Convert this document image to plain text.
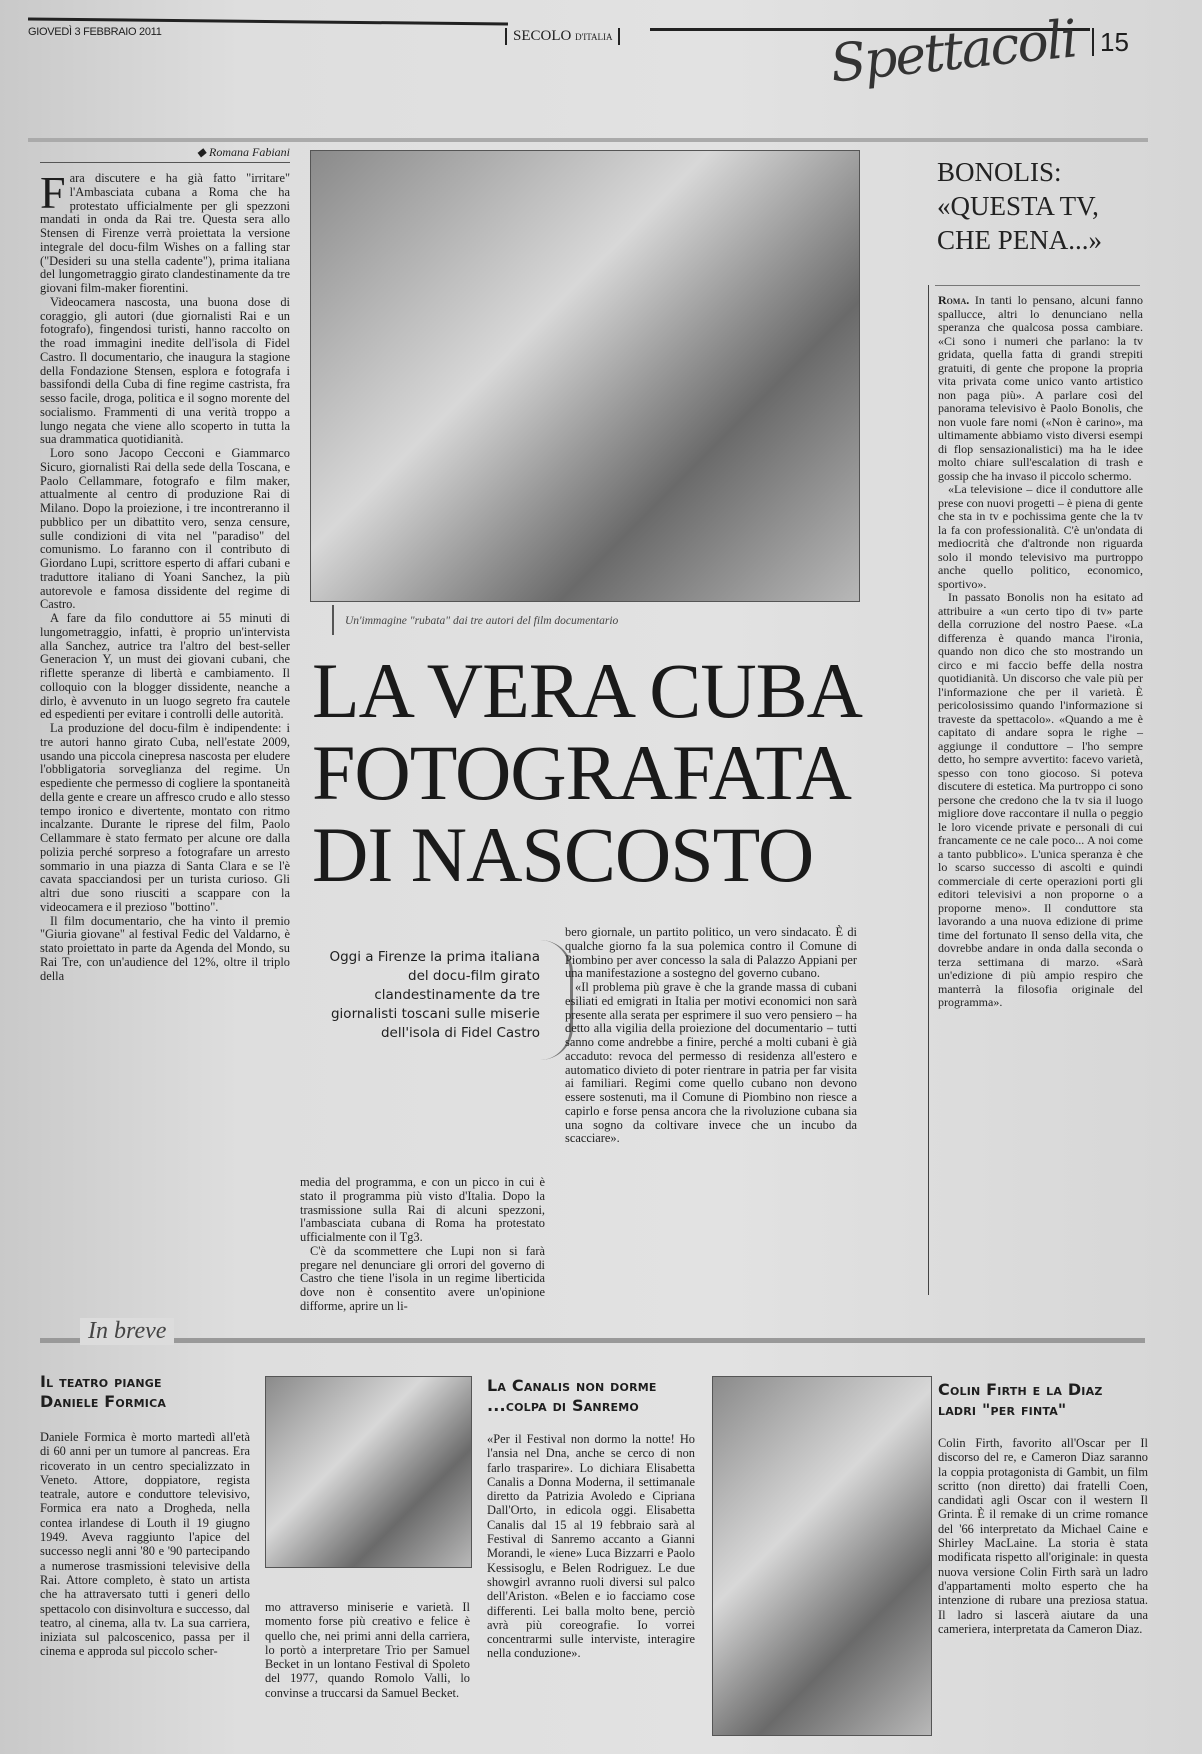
GIOVEDÌ 3 FEBBRAIO 2011	SECOLO D'ITALIA	Spettacoli 15
◆ Romana Fabiani

Fara discutere e ha già fatto "irritare" l'Ambasciata cubana a Roma che ha protestato ufficialmente per gli spezzoni mandati in onda da Rai tre. Questa sera allo Stensen di Firenze verrà proiettata la versione integrale del docu-film Wishes on a falling star ("Desideri su una stella cadente"), prima italiana del lungometraggio girato clandestinamente da tre giovani film-maker fiorentini.

Videocamera nascosta, una buona dose di coraggio, gli autori (due giornalisti Rai e un fotografo), fingendosi turisti, hanno raccolto on the road immagini inedite dell'isola di Fidel Castro. Il documentario, che inaugura la stagione della Fondazione Stensen, esplora e fotografa i bassifondi della Cuba di fine regime castrista, fra sesso facile, droga, politica e il sogno morente del socialismo. Frammenti di una verità troppo a lungo negata che viene allo scoperto in tutta la sua drammatica quotidianità.

Loro sono Jacopo Cecconi e Giammarco Sicuro, giornalisti Rai della sede della Toscana, e Paolo Cellammare, fotografo e film maker, attualmente al centro di produzione Rai di Milano. Dopo la proiezione, i tre incontreranno il pubblico per un dibattito vero, senza censure, sulle condizioni di vita nel "paradiso" del comunismo. Lo faranno con il contributo di Giordano Lupi, scrittore esperto di affari cubani e traduttore italiano di Yoani Sanchez, la più autorevole e famosa dissidente del regime di Castro.

A fare da filo conduttore ai 55 minuti di lungometraggio, infatti, è proprio un'intervista alla Sanchez, autrice tra l'altro del best-seller Generacion Y, un must dei giovani cubani, che riflette speranze di libertà e cambiamento. Il colloquio con la blogger dissidente, neanche a dirlo, è avvenuto in un luogo segreto fra cautele ed espedienti per evitare i controlli delle autorità.

La produzione del docu-film è indipendente: i tre autori hanno girato Cuba, nell'estate 2009, usando una piccola cinepresa nascosta per eludere l'obbligatoria sorveglianza del regime. Un espediente che permesso di cogliere la spontaneità della gente e creare un affresco crudo e allo stesso tempo ironico e divertente, montato con ritmo incalzante. Durante le riprese del film, Paolo Cellammare è stato fermato per alcune ore dalla polizia perché sorpreso a fotografare un arresto sommario in una piazza di Santa Clara e se l'è cavata spacciandosi per un turista curioso. Gli altri due sono riusciti a scappare con la videocamera e il prezioso "bottino".

Il film documentario, che ha vinto il premio "Giuria giovane" al festival Fedic del Valdarno, è stato proiettato in parte da Agenda del Mondo, su Rai Tre, con un'audience del 12%, oltre il triplo della

Un'immagine "rubata" dai tre autori del film documentario
LA VERA CUBA
FOTOGRAFATA
DI NASCOSTO
Oggi a Firenze la prima italiana del docu-film girato clandestinamente da tre giornalisti toscani sulle miserie dell'isola di Fidel Castro

media del programma, e con un picco in cui è stato il programma più visto d'Italia. Dopo la trasmissione sulla Rai di alcuni spezzoni, l'ambasciata cubana di Roma ha protestato ufficialmente con il Tg3.

C'è da scommettere che Lupi non si farà pregare nel denunciare gli orrori del governo di Castro che tiene l'isola in un regime liberticida dove non è consentito avere un'opinione difforme, aprire un li-

bero giornale, un partito politico, un vero sindacato. È di qualche giorno fa la sua polemica contro il Comune di Piombino per aver concesso la sala di Palazzo Appiani per una manifestazione a sostegno del governo cubano.

«Il problema più grave è che la grande massa di cubani esiliati ed emigrati in Italia per motivi economici non sarà presente alla serata per esprimere il suo vero pensiero – ha detto alla vigilia della proiezione del documentario – tutti sanno come andrebbe a finire, perché a molti cubani è già accaduto: revoca del permesso di residenza all'estero e automatico divieto di poter rientrare in patria per far visita ai familiari. Regimi come quello cubano non devono essere sostenuti, ma il Comune di Piombino non riesce a capirlo e forse pensa ancora che la rivoluzione cubana sia una sogno da coltivare invece che un incubo da scacciare».

BONOLIS:
«QUESTA TV,
CHE PENA...»

Roma. In tanti lo pensano, alcuni fanno spallucce, altri lo denunciano nella speranza che qualcosa possa cambiare. «Ci sono i numeri che parlano: la tv gridata, quella fatta di grandi strepiti gratuiti, di gente che propone la propria vita privata come unico vanto artistico non paga più». A parlare così del panorama televisivo è Paolo Bonolis, che non vuole fare nomi («Non è carino», ma ultimamente abbiamo visto diversi esempi di flop sensazionalistici) ma ha le idee molto chiare sull'escalation di trash e gossip che ha invaso il piccolo schermo.

«La televisione – dice il conduttore alle prese con nuovi progetti – è piena di gente che sta in tv e pochissima gente che la tv la fa con professionalità. C'è un'ondata di mediocrità che d'altronde non riguarda solo il mondo televisivo ma purtroppo anche quello politico, economico, sportivo».

In passato Bonolis non ha esitato ad attribuire a «un certo tipo di tv» parte della corruzione del nostro Paese. «La differenza è quando manca l'ironia, quando non dico che sto mostrando un circo e mi faccio beffe della nostra quotidianità. Un discorso che vale più per l'informazione che per il varietà. È pericolosissimo quando l'informazione si traveste da spettacolo». «Quando a me è capitato di andare sopra le righe – aggiunge il conduttore – l'ho sempre detto, ho sempre avvertito: facevo varietà, spesso con tono giocoso. Si poteva discutere di estetica. Ma purtroppo ci sono persone che credono che la tv sia il luogo migliore dove raccontare il nulla o peggio le loro vicende private e personali di cui francamente ce ne cale poco... A noi come a tanto pubblico». L'unica speranza è che lo scarso successo di ascolti e quindi commerciale di certe operazioni porti gli editori televisivi a non proporne o a proporne meno». Il conduttore sta lavorando a una nuova edizione di prime time del fortunato Il senso della vita, che dovrebbe andare in onda dalla seconda o terza settimana di marzo. «Sarà un'edizione di più ampio respiro che manterrà la filosofia originale del programma».

In breve
Il teatro piange
Daniele Formica
Daniele Formica è morto martedì all'età di 60 anni per un tumore al pancreas. Era ricoverato in un centro specializzato in Veneto. Attore, doppiatore, regista teatrale, autore e conduttore televisivo, Formica era nato a Drogheda, nella contea irlandese di Louth il 19 giugno 1949. Aveva raggiunto l'apice del successo negli anni '80 e '90 partecipando a numerose trasmissioni televisive della Rai. Attore completo, è stato un artista che ha attraversato tutti i generi dello spettacolo con disinvoltura e successo, dal teatro, al cinema, alla tv. La sua carriera, iniziata sul palcoscenico, passa per il cinema e approda sul piccolo scher-
mo attraverso miniserie e varietà. Il momento forse più creativo e felice è quello che, nei primi anni della carriera, lo portò a interpretare Trio per Samuel Becket in un lontano Festival di Spoleto del 1977, quando Romolo Valli, lo convinse a truccarsi da Samuel Becket.
La Canalis non dorme
...colpa di Sanremo
«Per il Festival non dormo la notte! Ho l'ansia nel Dna, anche se cerco di non farlo trasparire». Lo dichiara Elisabetta Canalis a Donna Moderna, il settimanale diretto da Patrizia Avoledo e Cipriana Dall'Orto, in edicola oggi. Elisabetta Canalis dal 15 al 19 febbraio sarà al Festival di Sanremo accanto a Gianni Morandi, le «iene» Luca Bizzarri e Paolo Kessisoglu, e Belen Rodriguez. Le due showgirl avranno ruoli diversi sul palco dell'Ariston. «Belen e io facciamo cose differenti. Lei balla molto bene, perciò avrà più coreografie. Io vorrei concentrarmi sulle interviste, interagire nella conduzione».
Colin Firth e la Diaz
ladri "per finta"
Colin Firth, favorito all'Oscar per Il discorso del re, e Cameron Diaz saranno la coppia protagonista di Gambit, un film scritto (non diretto) dai fratelli Coen, candidati agli Oscar con il western Il Grinta. È il remake di un crime romance del '66 interpretato da Michael Caine e Shirley MacLaine. La storia è stata modificata rispetto all'originale: in questa nuova versione Colin Firth sarà un ladro d'appartamenti molto esperto che ha intenzione di rubare una preziosa statua. Il ladro si lascerà aiutare da una cameriera, interpretata da Cameron Diaz.
